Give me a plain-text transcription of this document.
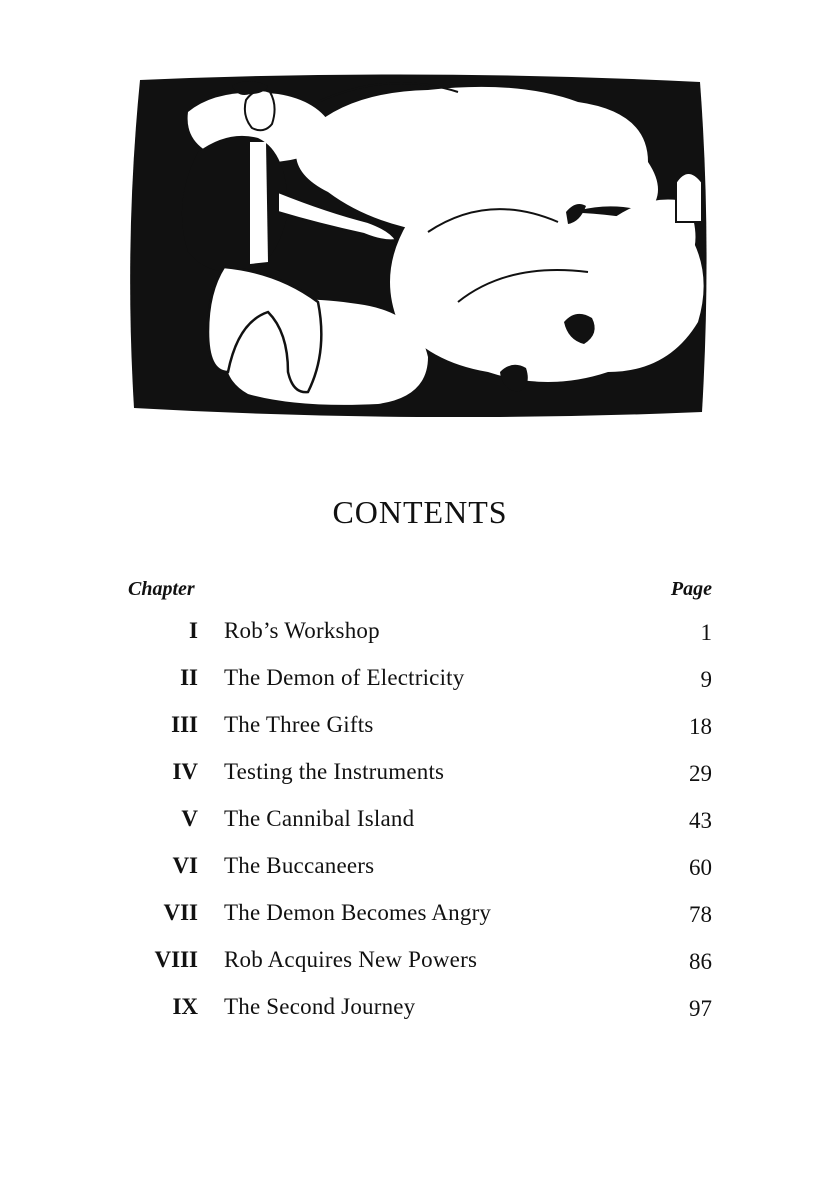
CONTENTS
Chapter	Page
I Rob’s Workshop	1
II The Demon of Electricity	9
III The Three Gifts	18
IV Testing the Instruments	29
V The Cannibal Island	43
VI The Buccaneers	60
VII The Demon Becomes Angry	78
VIII Rob Acquires New Powers	86
IX The Second Journey	97
